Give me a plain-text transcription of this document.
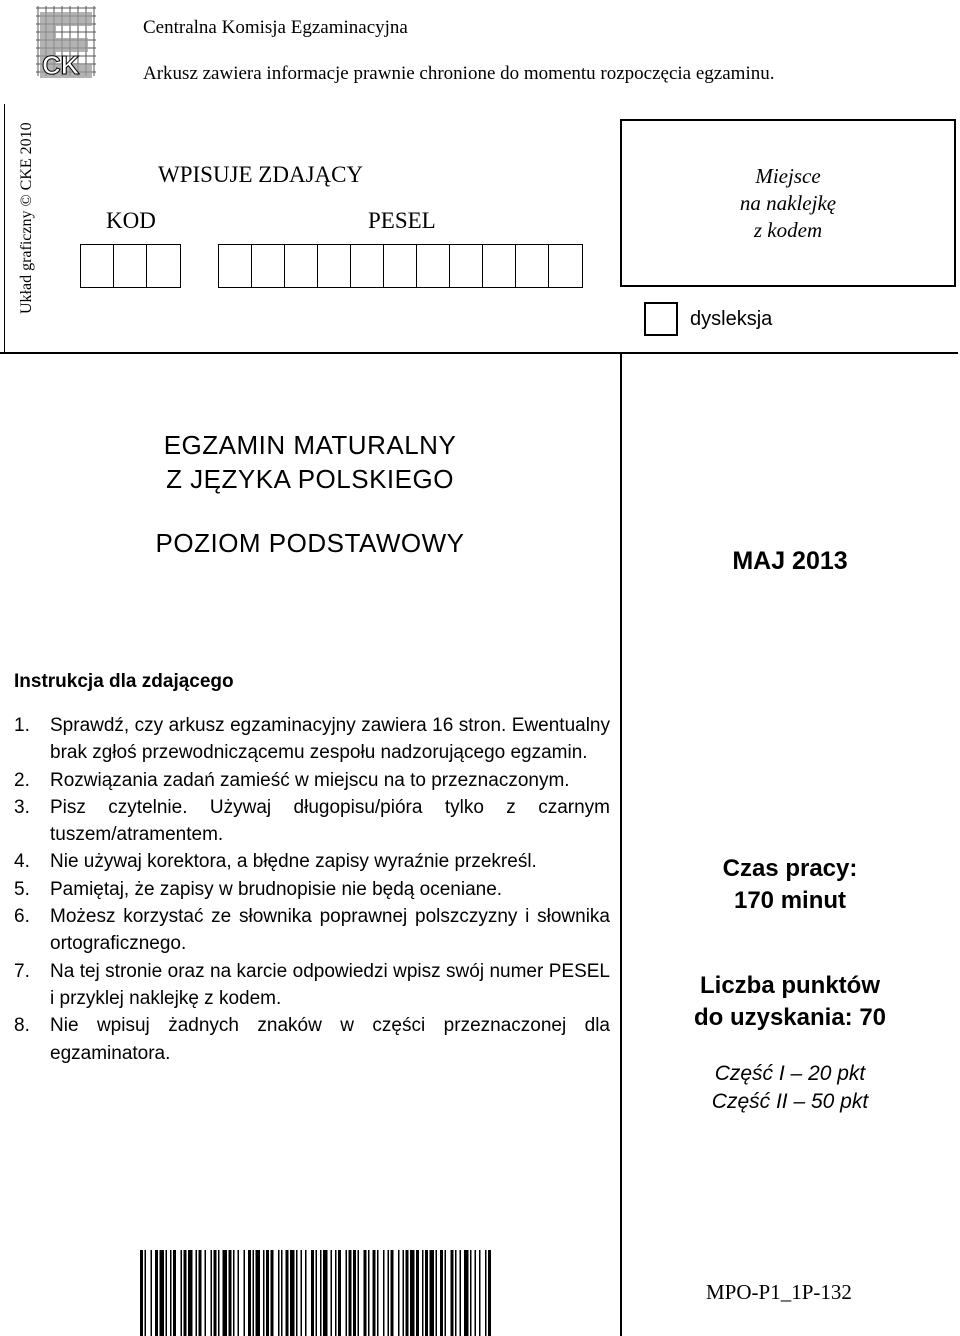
CK
Centralna Komisja Egzaminacyjna
Arkusz zawiera informacje prawnie chronione do momentu rozpoczęcia egzaminu.
Układ graficzny © CKE 2010	WPISUJE ZDAJĄCY
KOD	PESEL
Miejsce
na naklejkę
z kodem
dysleksja
EGZAMIN MATURALNY
Z JĘZYKA POLSKIEGO
POZIOM PODSTAWOWY
MAJ 2013
Instrukcja dla zdającego
1.	Sprawdź, czy arkusz egzaminacyjny zawiera 16 stron. Ewentualny brak zgłoś przewodniczącemu zespołu nadzorującego egzamin.
2.	Rozwiązania zadań zamieść w miejscu na to przeznaczonym.
3.	Pisz czytelnie. Używaj długopisu/pióra tylko z czarnym tuszem/atramentem.
4.	Nie używaj korektora, a błędne zapisy wyraźnie przekreśl.
5.	Pamiętaj, że zapisy w brudnopisie nie będą oceniane.
6.	Możesz korzystać ze słownika poprawnej polszczyzny i słownika ortograficznego.
7.	Na tej stronie oraz na karcie odpowiedzi wpisz swój numer PESEL i przyklej naklejkę z kodem.
8.	Nie wpisuj żadnych znaków w części przeznaczonej dla egzaminatora.
Czas pracy:
170 minut
Liczba punktów
do uzyskania: 70
Część I – 20 pkt
Część II – 50 pkt
MPO-P1_1P-132
